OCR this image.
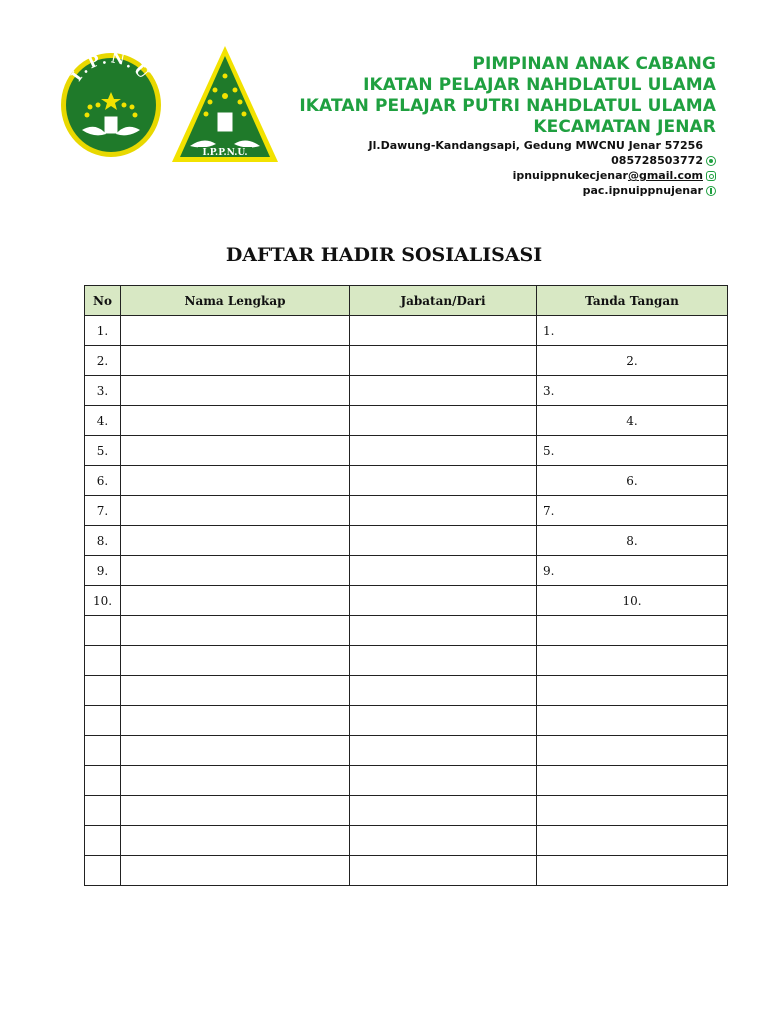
I.P.N.U
I.P.P.N.U.
PIMPINAN ANAK CABANG
IKATAN PELAJAR NAHDLATUL ULAMA
IKATAN PELAJAR PUTRI NAHDLATUL ULAMA
KECAMATAN JENAR
Jl.Dawung-Kandangsapi, Gedung MWCNU Jenar 57256
085728503772
ipnuippnukecjenar@gmail.com
pac.ipnuippnujenar
DAFTAR HADIR SOSIALISASI
No	Nama Lengkap	Jabatan/Dari	Tanda Tangan
1.			1.

2.			2.

3.			3.

4.			4.

5.			5.

6.			6.

7.			7.

8.			8.

9.			9.

10.			10.
